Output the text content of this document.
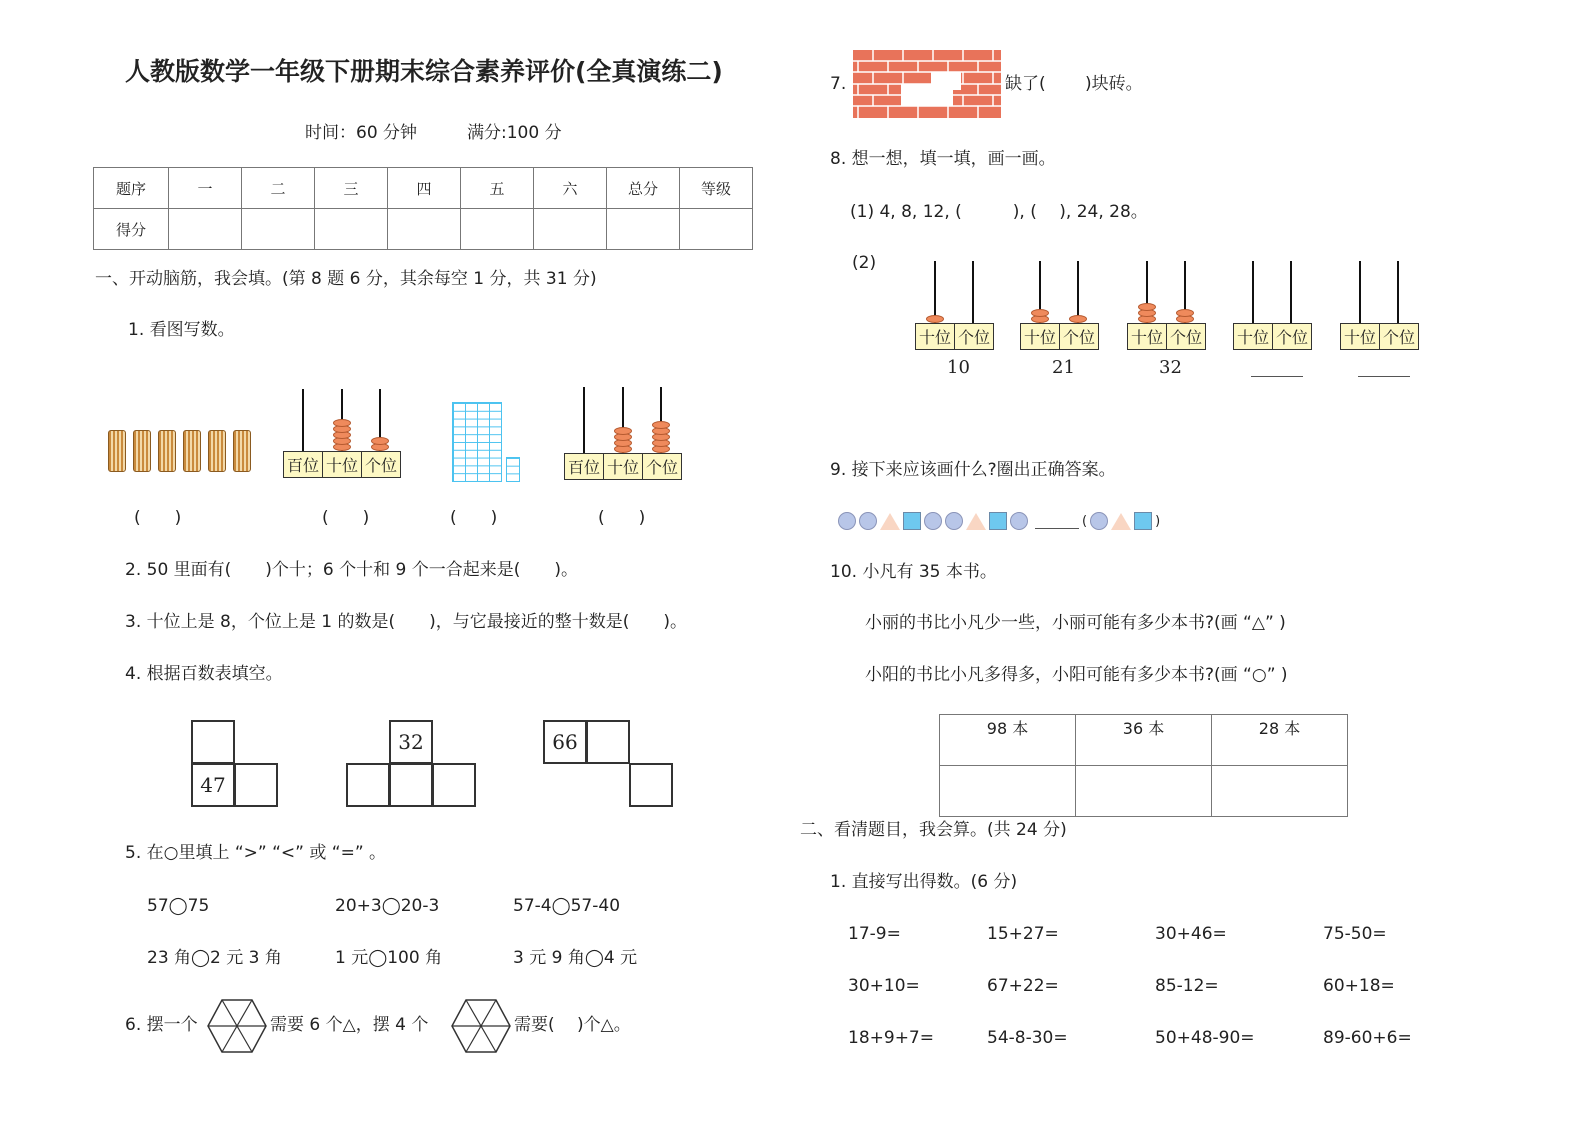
人教版数学一年级下册期末综合素养评价(全真演练二)
时间：60 分钟	满分:100 分
题序	一	二	三	四	五	六	总分	等级
得分								
一、开动脑筋，我会填。(第 8 题 6 分，其余每空 1 分，共 31 分)
1. 看图写数。
百位 十位 个位	百位 十位 个位
(　　)	(　　)	(　　)	(　　)
2. 50 里面有(　　)个十；6 个十和 9 个一合起来是(　　)。
3. 十位上是 8，个位上是 1 的数是(　　)，与它最接近的整十数是(　　)。
4. 根据百数表填空。
47
32	66
5. 在○里填上 “>” “<” 或 “=” 。
57◯75	20+3◯20-3	57-4◯57-40
23 角◯2 元 3 角	1 元◯100 角	3 元 9 角◯4 元
6. 摆一个	需要 6 个△，摆 4 个	需要(　 )个△。
7.	缺了(　　 )块砖。
8. 想一想，填一填，画一画。
(1) 4, 8, 12, (　　　), (　 ), 24, 28。
(2)
十位 个位
10
十位 个位
21
十位 个位
32
十位 个位 十位 个位
9. 接下来应该画什么?圈出正确答案。
(	)
10. 小凡有 35 本书。
小丽的书比小凡少一些，小丽可能有多少本书?(画 “△” )
小阳的书比小凡多得多，小阳可能有多少本书?(画 “○” )
98 本	36 本	28 本

二、看清题目，我会算。(共 24 分)
1. 直接写出得数。(6 分)
17-9=	15+27=	30+46=	75-50=
30+10=	67+22=	85-12=	60+18=
18+9+7=	54-8-30=	50+48-90=	89-60+6=
